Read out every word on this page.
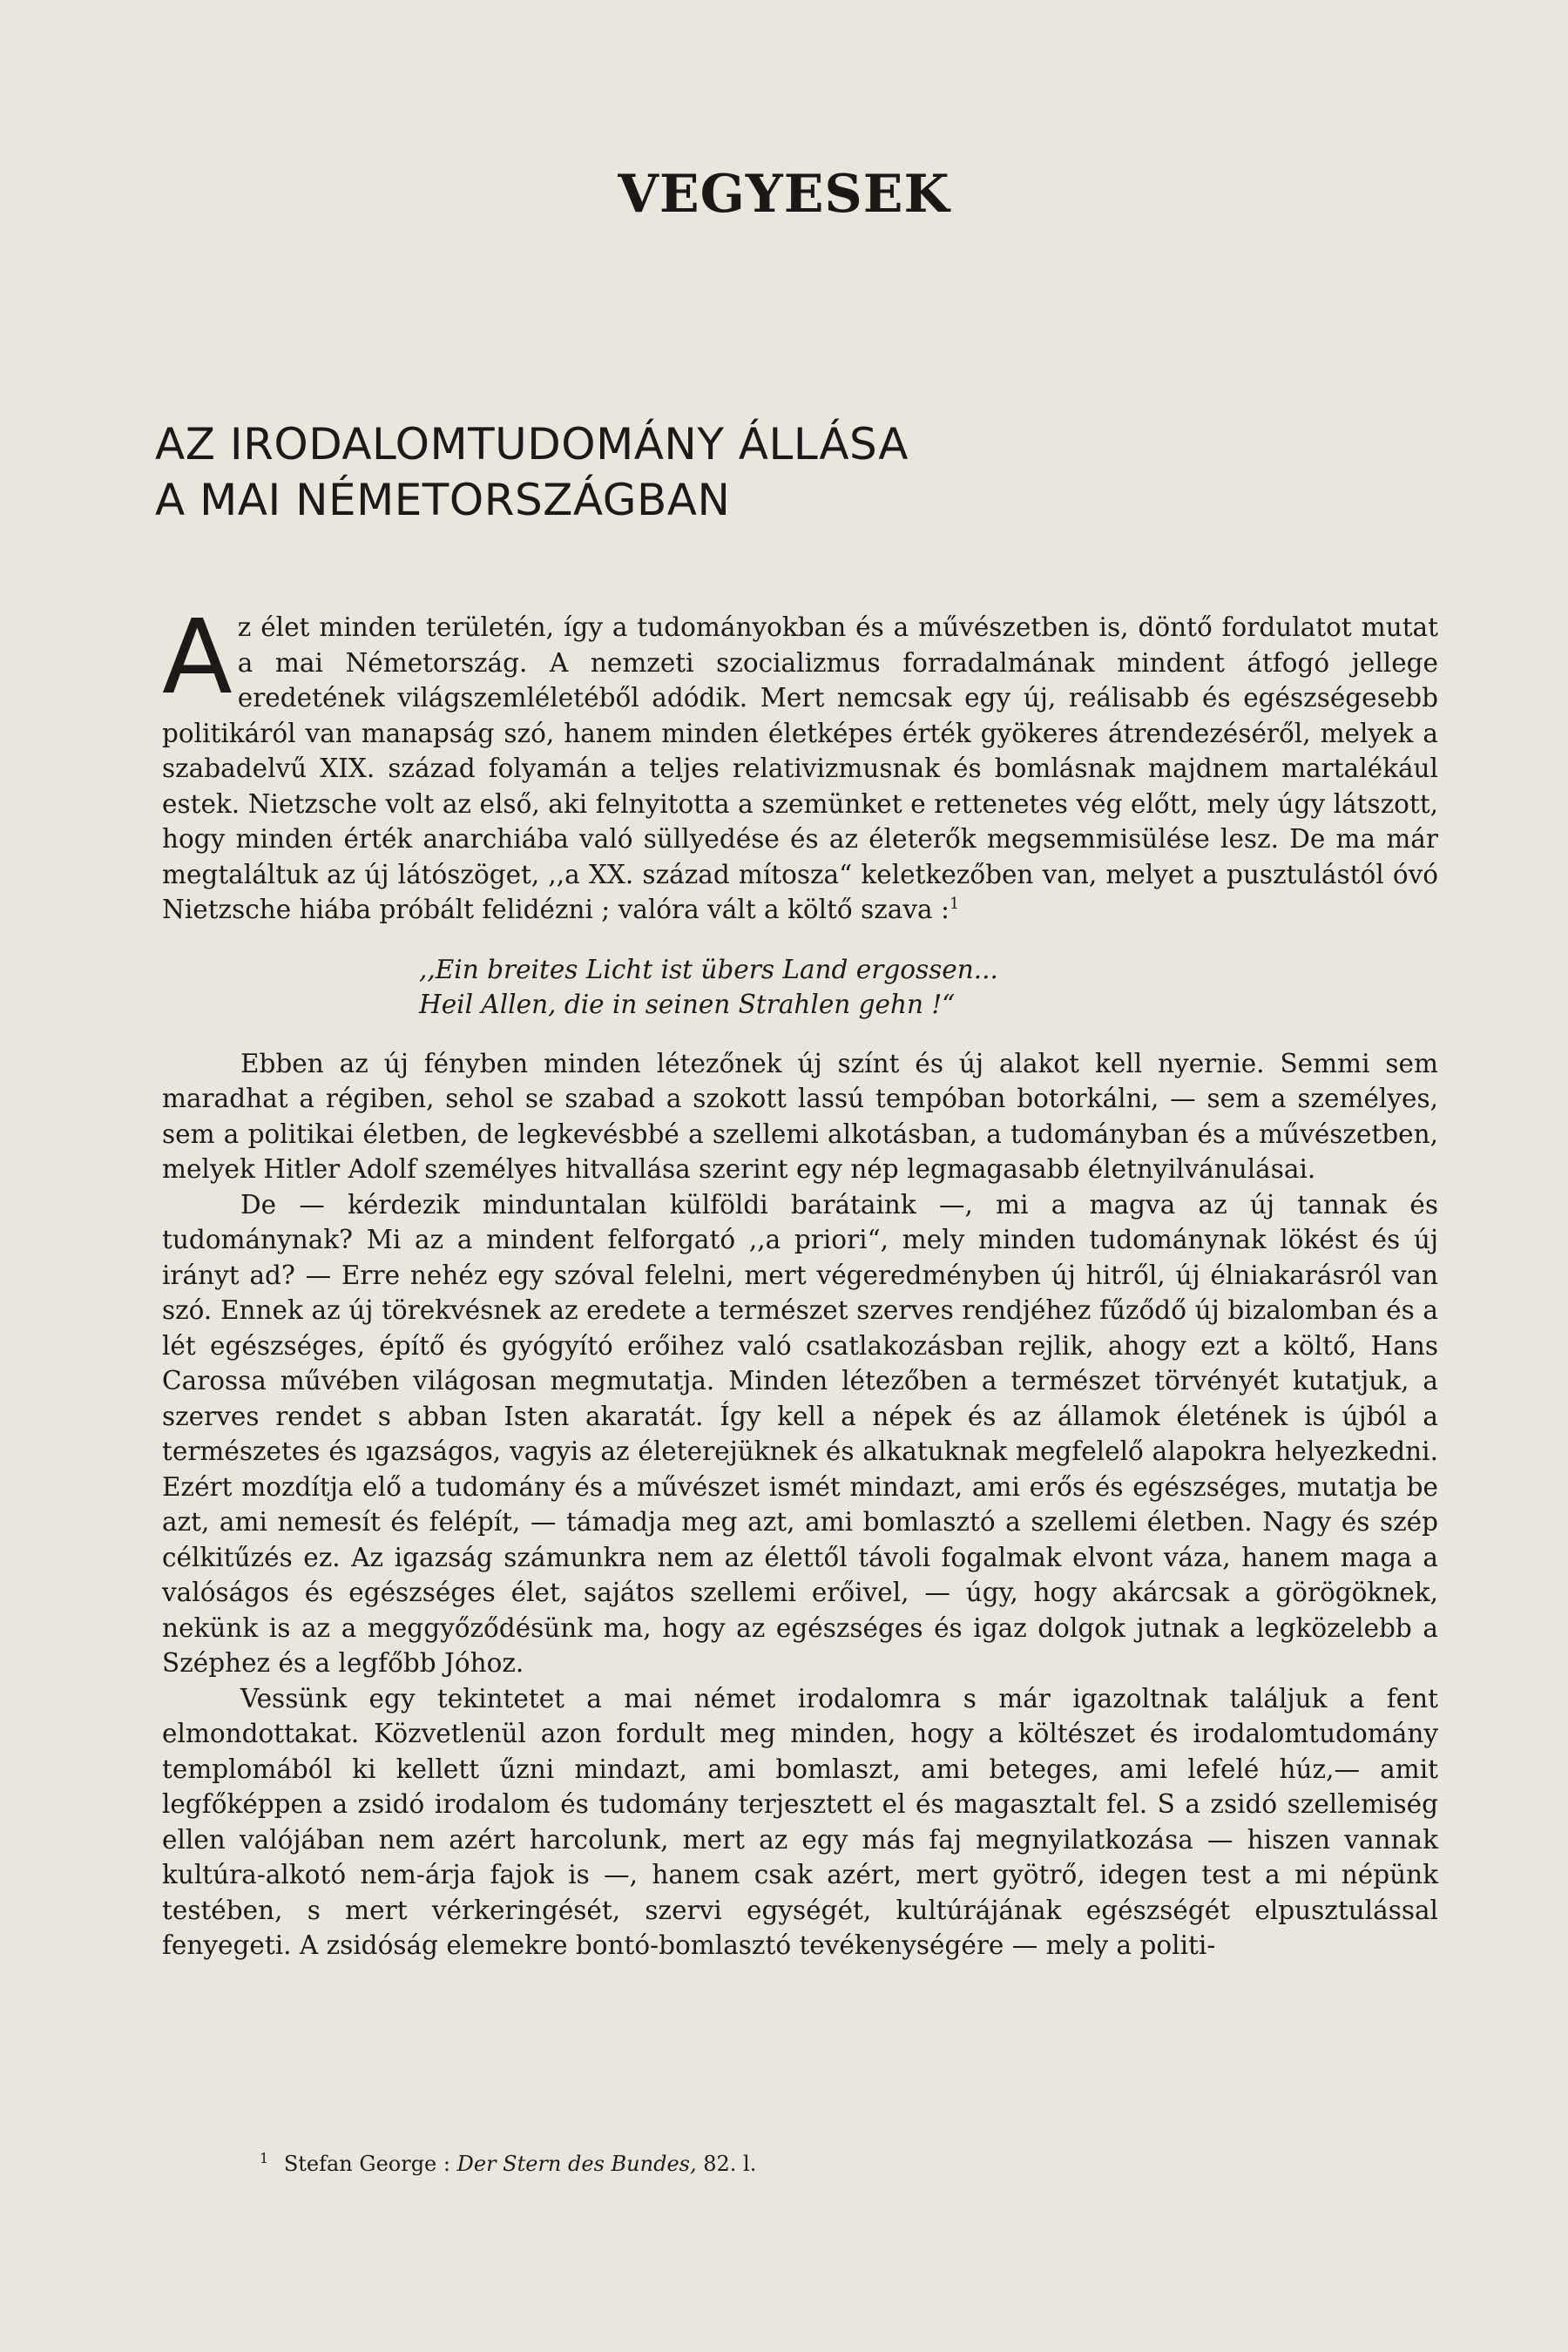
VEGYESEK
AZ IRODALOMTUDOMÁNY ÁLLÁSA
A MAI NÉMETORSZÁGBAN

Az élet minden területén, így a tudományokban és a művészetben is, döntő fordulatot mutat a mai Németország. A nemzeti szocializmus forradalmának mindent átfogó jellege eredetének világszemléletéből adódik. Mert nemcsak egy új, reálisabb és egészségesebb politikáról van manapság szó, hanem minden életképes érték gyökeres átrendezéséről, melyek a szabadelvű XIX. század folyamán a teljes relativizmusnak és bomlásnak majdnem martalékául estek. Nietzsche volt az első, aki felnyitotta a szemünket e rettenetes vég előtt, mely úgy látszott, hogy minden érték anarchiába való süllyedése és az életerők megsemmisülése lesz. De ma már megtaláltuk az új látószöget, ,,a XX. század mítosza“ keletkezőben van, melyet a pusztulástól óvó Nietzsche hiába próbált felidézni ; valóra vált a költő szava :$^1$

,,Ein breites Licht ist übers Land ergossen...
Heil Allen, die in seinen Strahlen gehn !“

Ebben az új fényben minden létezőnek új színt és új alakot kell nyernie. Semmi sem maradhat a régiben, sehol se szabad a szokott lassú tempóban botorkálni, — sem a személyes, sem a politikai életben, de legkevésbbé a szellemi alkotásban, a tudományban és a művészetben, melyek Hitler Adolf személyes hitvallása szerint egy nép legmagasabb életnyilvánulásai.

De — kérdezik minduntalan külföldi barátaink —, mi a magva az új tannak és tudománynak? Mi az a mindent felforgató ,,a priori“, mely minden tudománynak lökést és új irányt ad? — Erre nehéz egy szóval felelni, mert végeredményben új hitről, új élniakarásról van szó. Ennek az új törekvésnek az eredete a természet szerves rendjéhez fűződő új bizalomban és a lét egészséges, építő és gyógyító erőihez való csatlakozásban rejlik, ahogy ezt a költő, Hans Carossa művében világosan megmutatja. Minden létezőben a természet törvényét kutatjuk, a szerves rendet s abban Isten akaratát. Így kell a népek és az államok életének is újból a természetes és ıgazságos, vagyis az életerejüknek és alkatuknak megfelelő alapokra helyezkedni. Ezért mozdítja elő a tudomány és a művészet ismét mindazt, ami erős és egészséges, mutatja be azt, ami nemesít és felépít, — támadja meg azt, ami bomlasztó a szellemi életben. Nagy és szép célkitűzés ez. Az igazság számunkra nem az élettől távoli fogalmak elvont váza, hanem maga a valóságos és egészséges élet, sajátos szellemi erőivel, — úgy, hogy akárcsak a görögöknek, nekünk is az a meggyőződésünk ma, hogy az egészséges és igaz dolgok jutnak a legközelebb a Széphez és a legfőbb Jóhoz.

Vessünk egy tekintetet a mai német irodalomra s már igazoltnak találjuk a fent elmondottakat. Közvetlenül azon fordult meg minden, hogy a költészet és irodalomtudomány templomából ki kellett űzni mindazt, ami bomlaszt, ami beteges, ami lefelé húz,— amit legfőképpen a zsidó irodalom és tudomány terjesztett el és magasztalt fel. S a zsidó szellemiség ellen valójában nem azért harcolunk, mert az egy más faj megnyilatkozása — hiszen vannak kultúra-alkotó nem-árja fajok is —, hanem csak azért, mert gyötrő, idegen test a mi népünk testében, s mert vérkeringését, szervi egységét, kultúrájának egészségét elpusztulással fenyegeti. A zsidóság elemekre bontó-bomlasztó tevékenységére — mely a politi-

$^1$ Stefan George : Der Stern des Bundes, 82. l.
